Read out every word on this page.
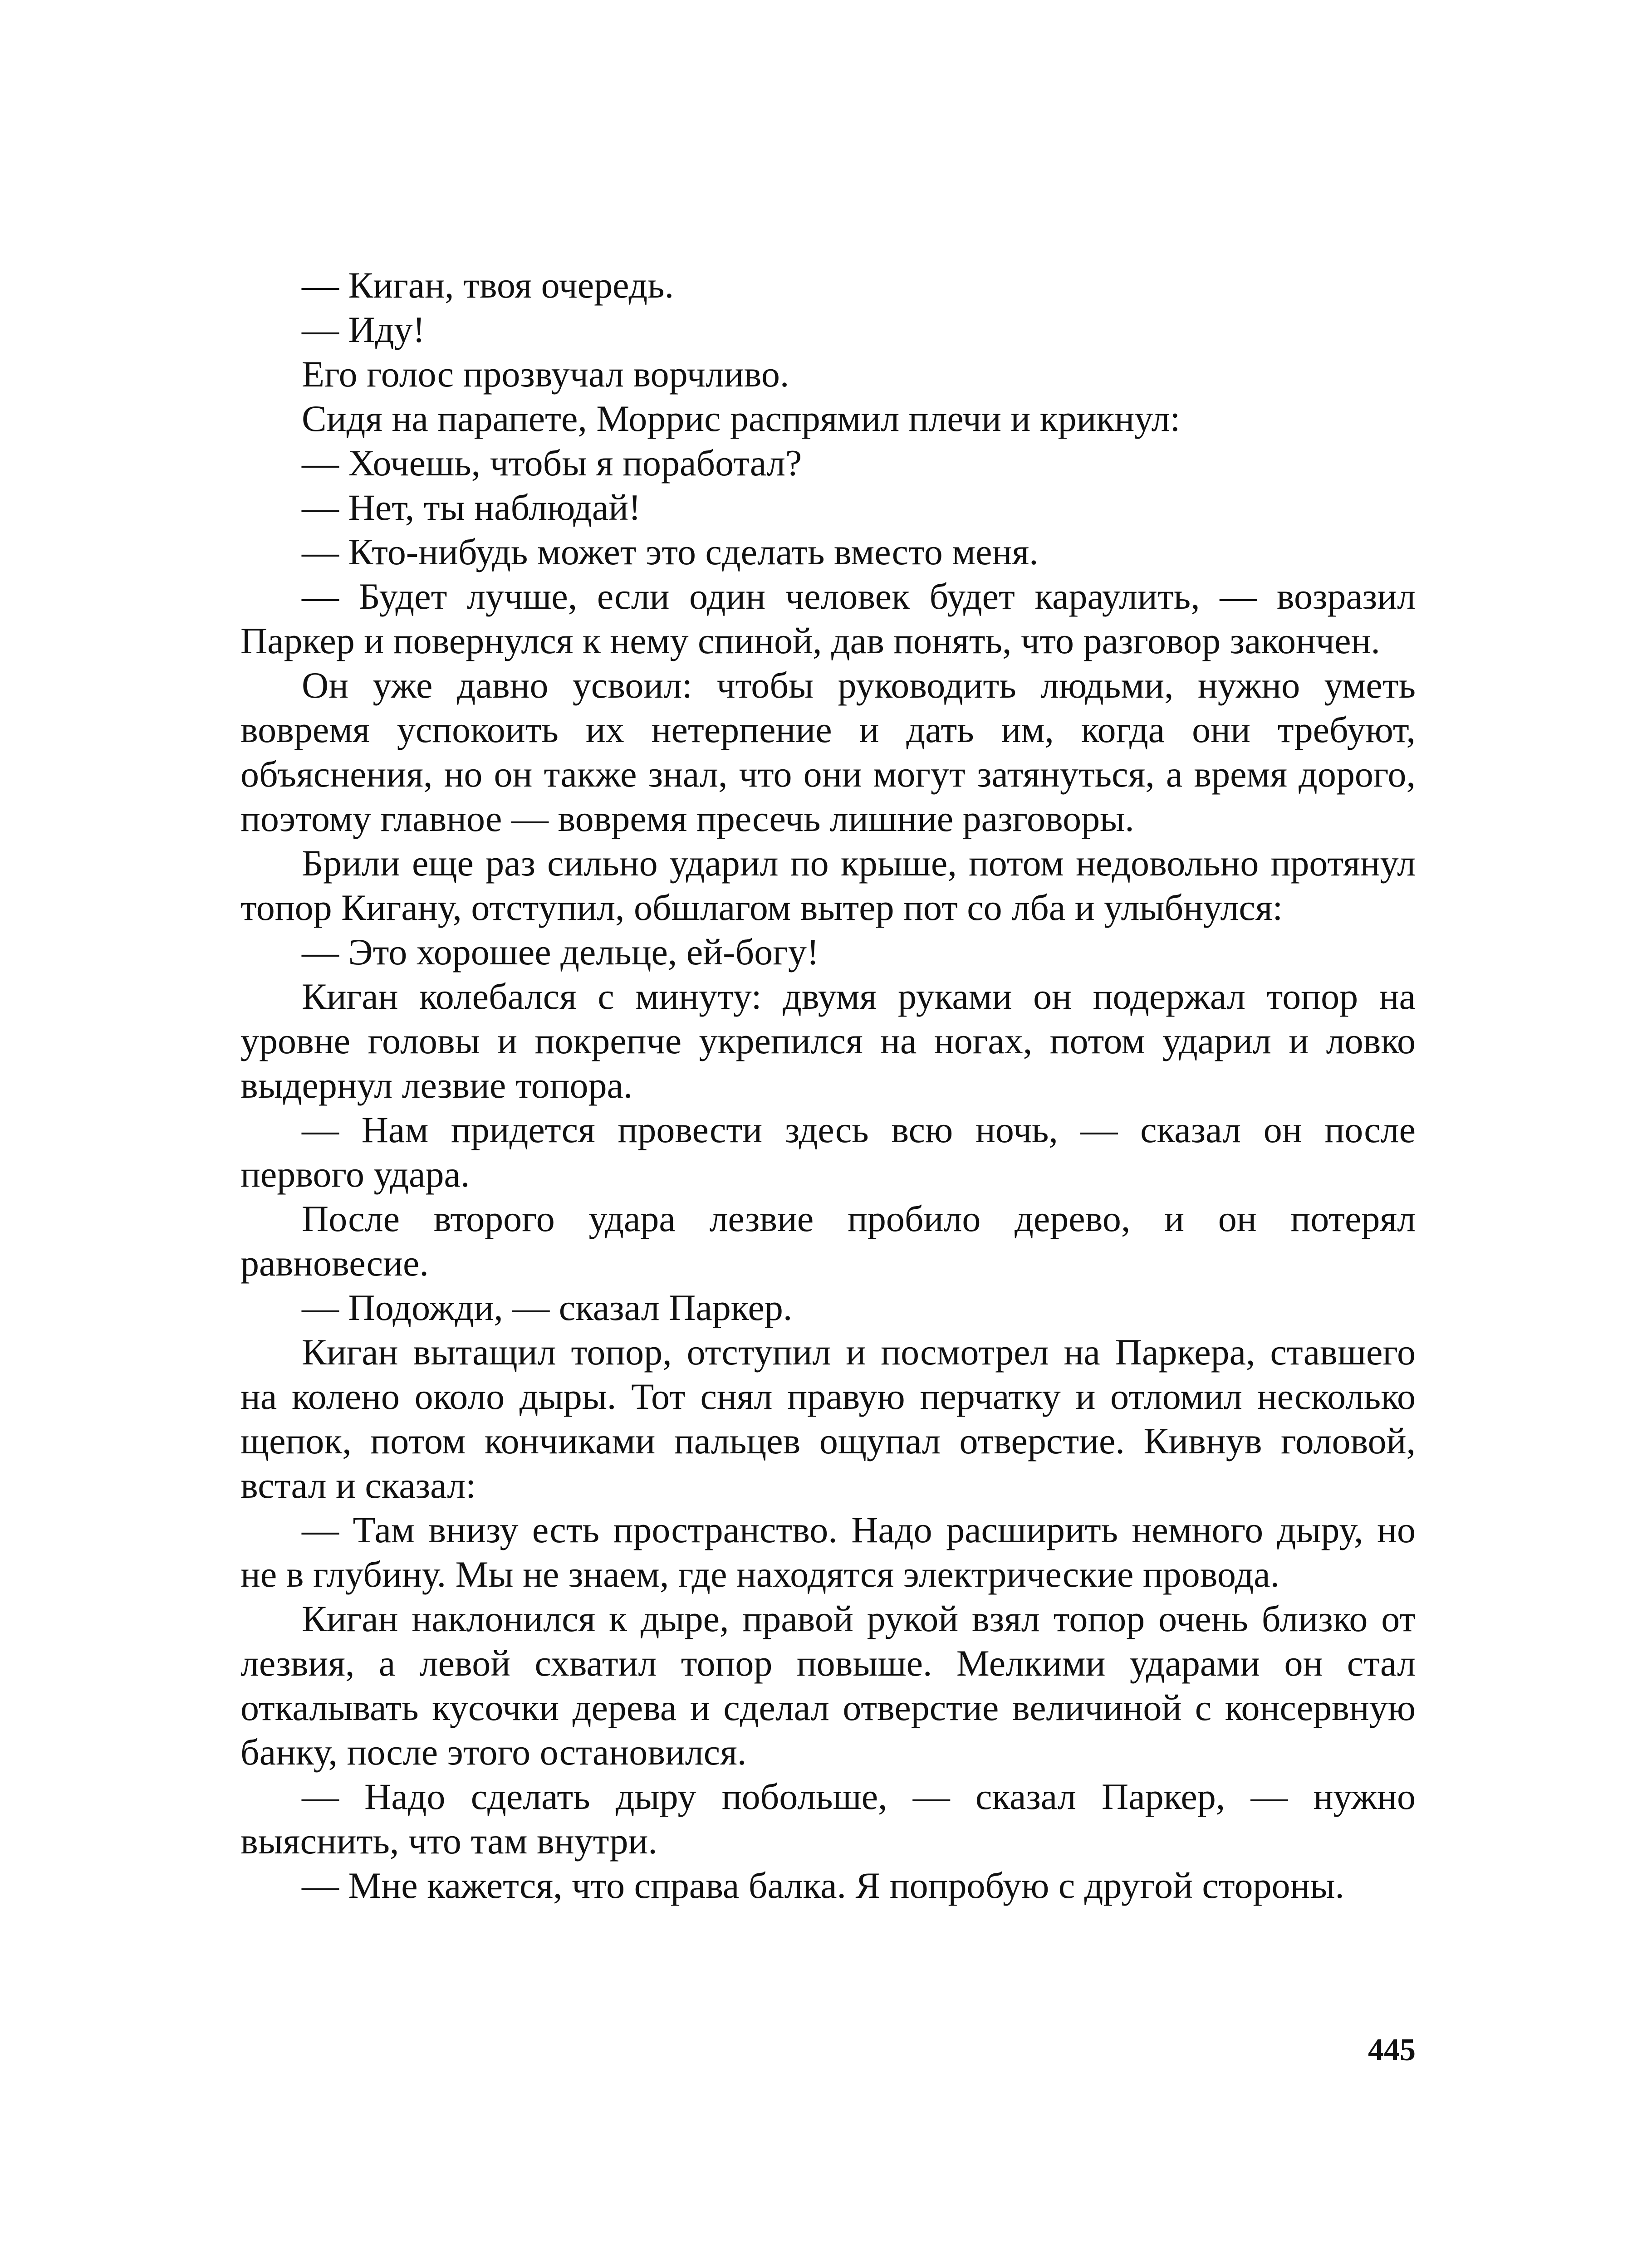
— Киган, твоя очередь.

— Иду!

Его голос прозвучал ворчливо.

Сидя на парапете, Моррис распрямил плечи и крикнул:

— Хочешь, чтобы я поработал?

— Нет, ты наблюдай!

— Кто-нибудь может это сделать вместо меня.

— Будет лучше, если один человек будет караулить, — возразил Паркер и повернулся к нему спиной, дав понять, что разговор закончен.

Он уже давно усвоил: чтобы руководить людьми, нужно уметь вовремя успокоить их нетерпение и дать им, когда они требуют, объяснения, но он также знал, что они могут затянуться, а время дорого, поэтому главное — вовремя пресечь лишние разговоры.

Брили еще раз сильно ударил по крыше, потом недовольно протянул топор Кигану, отступил, обшлагом вытер пот со лба и улыбнулся:

— Это хорошее дельце, ей-богу!

Киган колебался с минуту: двумя руками он подержал топор на уровне головы и покрепче укрепился на ногах, потом ударил и ловко выдернул лезвие топора.

— Нам придется провести здесь всю ночь, — сказал он после первого удара.

После второго удара лезвие пробило дерево, и он потерял равновесие.

— Подожди, — сказал Паркер.

Киган вытащил топор, отступил и посмотрел на Паркера, ставшего на колено около дыры. Тот снял правую перчатку и отломил несколько щепок, потом кончиками пальцев ощупал отверстие. Кивнув головой, встал и сказал:

— Там внизу есть пространство. Надо расширить немного дыру, но не в глубину. Мы не знаем, где находятся электрические провода.

Киган наклонился к дыре, правой рукой взял топор очень близко от лезвия, а левой схватил топор повыше. Мелкими ударами он стал откалывать кусочки дерева и сделал отверстие величиной с консервную банку, после этого остановился.

— Надо сделать дыру побольше, — сказал Паркер, — нужно выяснить, что там внутри.

— Мне кажется, что справа балка. Я попробую с другой стороны.

445
